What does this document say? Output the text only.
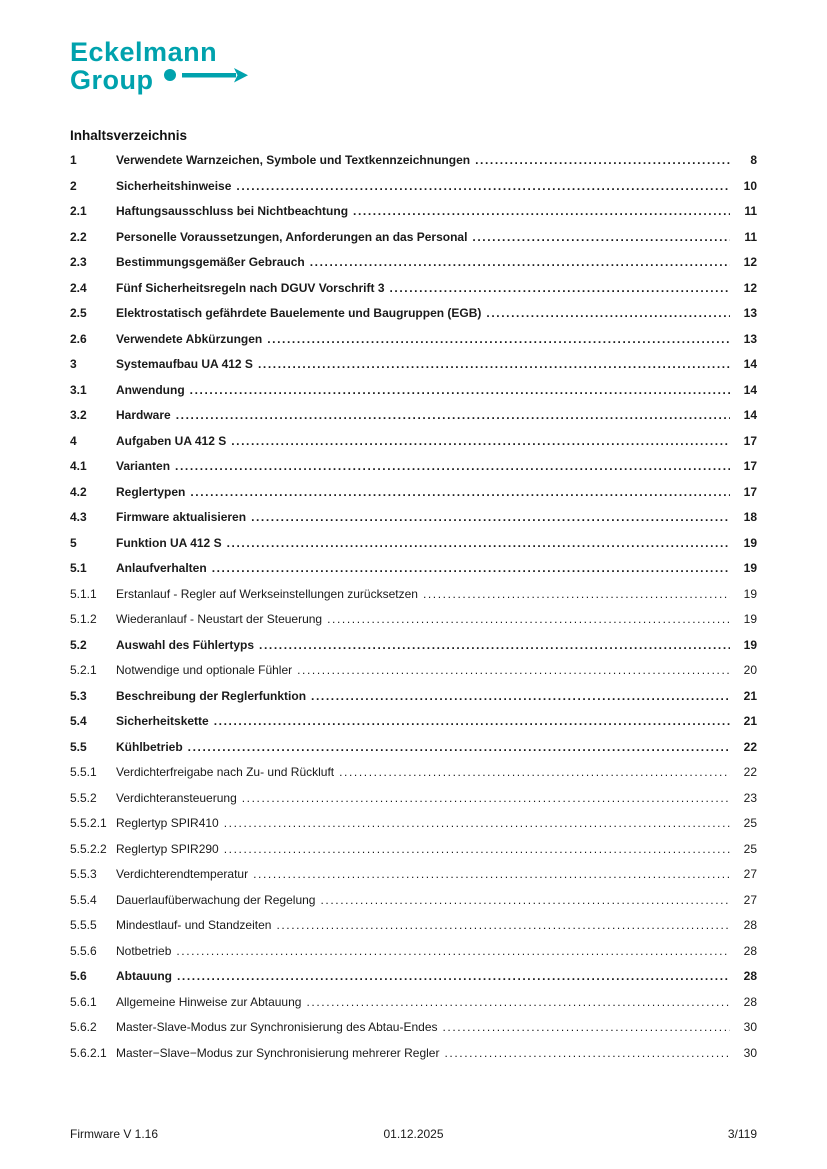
Eckelmann
Group
Inhaltsverzeichnis
1	Verwendete Warnzeichen, Symbole und Textkennzeichnungen .....	8
2	Sicherheitshinweise .....	10
2.1	Haftungsausschluss bei Nichtbeachtung .....	11
2.2	Personelle Voraussetzungen, Anforderungen an das Personal .....	11
2.3	Bestimmungsgemäßer Gebrauch .....	12
2.4	Fünf Sicherheitsregeln nach DGUV Vorschrift 3 .....	12
2.5	Elektrostatisch gefährdete Bauelemente und Baugruppen (EGB) .....	13
2.6	Verwendete Abkürzungen .....	13
3	Systemaufbau UA 412 S .....	14
3.1	Anwendung .....	14
3.2	Hardware .....	14
4	Aufgaben UA 412 S .....	17
4.1	Varianten .....	17
4.2	Reglertypen .....	17
4.3	Firmware aktualisieren .....	18
5	Funktion UA 412 S .....	19
5.1	Anlaufverhalten .....	19
5.1.1	Erstanlauf - Regler auf Werkseinstellungen zurücksetzen .....	19
5.1.2	Wiederanlauf - Neustart der Steuerung .....	19
5.2	Auswahl des Fühlertyps .....	19
5.2.1	Notwendige und optionale Fühler .....	20
5.3	Beschreibung der Reglerfunktion .....	21
5.4	Sicherheitskette .....	21
5.5	Kühlbetrieb .....	22
5.5.1	Verdichterfreigabe nach Zu- und Rückluft .....	22
5.5.2	Verdichteransteuerung .....	23
5.5.2.1 Reglertyp SPIR410 .....	25
5.5.2.2 Reglertyp SPIR290 .....	25
5.5.3	Verdichterendtemperatur .....	27
5.5.4	Dauerlaufüberwachung der Regelung .....	27
5.5.5	Mindestlauf- und Standzeiten .....	28
5.5.6	Notbetrieb .....	28
5.6	Abtauung .....	28
5.6.1	Allgemeine Hinweise zur Abtauung .....	28
5.6.2	Master-Slave-Modus zur Synchronisierung des Abtau-Endes .....	30
5.6.2.1 Master−Slave−Modus zur Synchronisierung mehrerer Regler .....	30
Firmware V 1.16	01.12.2025	3/119
